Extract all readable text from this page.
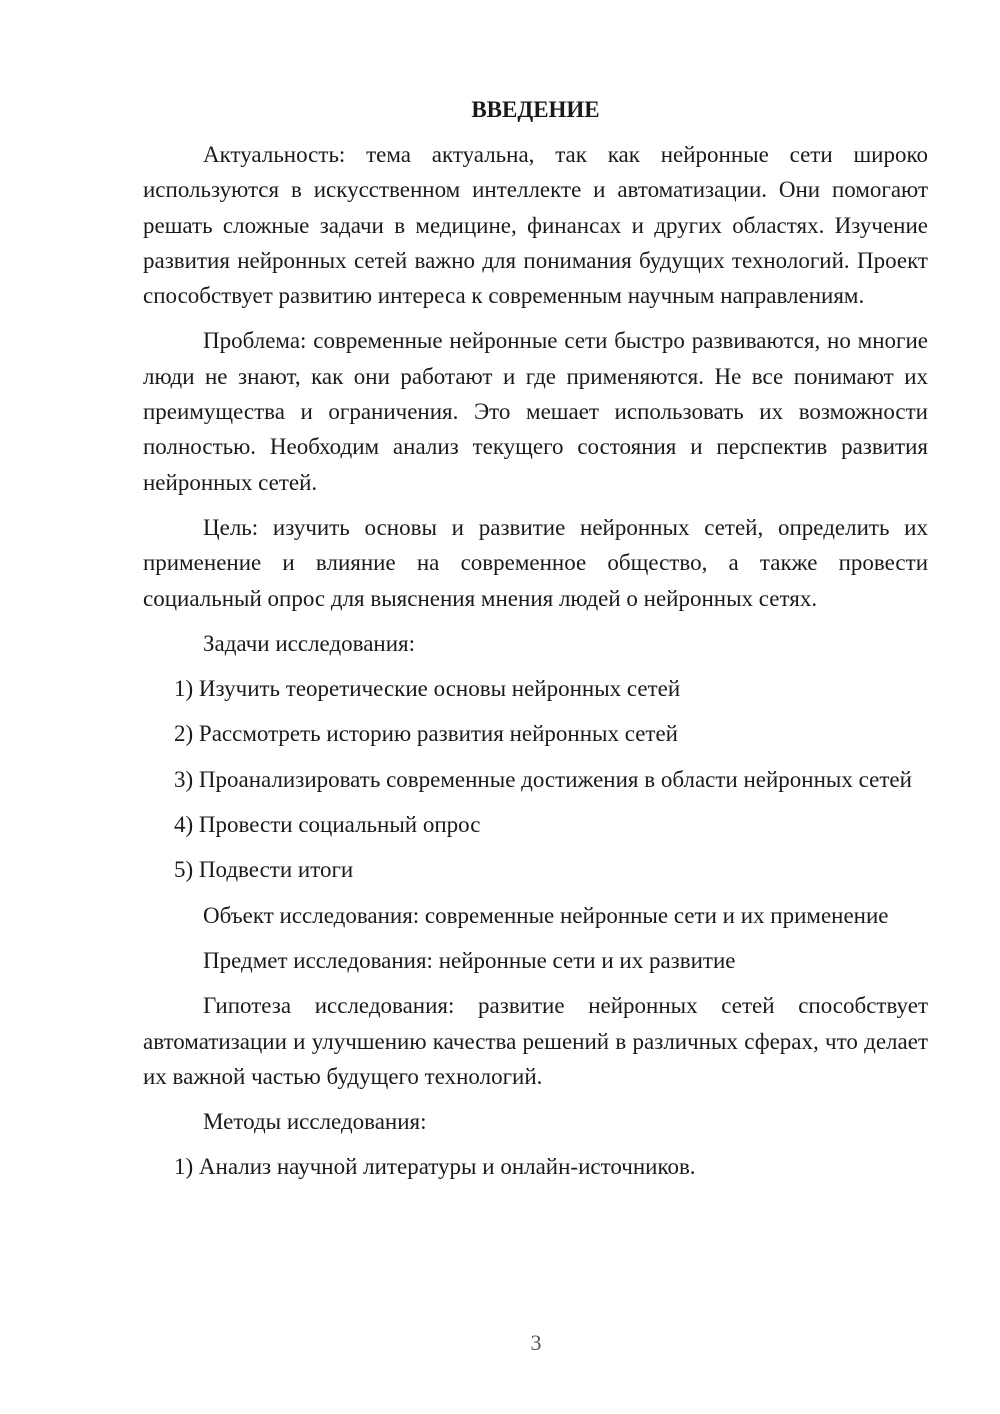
ВВЕДЕНИЕ

Актуальность: тема актуальна, так как нейронные сети широко используются в искусственном интеллекте и автоматизации. Они помогают решать сложные задачи в медицине, финансах и других областях. Изучение развития нейронных сетей важно для понимания будущих технологий. Проект способствует развитию интереса к современным научным направлениям.

Проблема: современные нейронные сети быстро развиваются, но многие люди не знают, как они работают и где применяются. Не все понимают их преимущества и ограничения. Это мешает использовать их возможности полностью. Необходим анализ текущего состояния и перспектив развития нейронных сетей.

Цель: изучить основы и развитие нейронных сетей, определить их применение и влияние на современное общество, а также провести социальный опрос для выяснения мнения людей о нейронных сетях.

Задачи исследования:

1) Изучить теоретические основы нейронных сетей

2) Рассмотреть историю развития нейронных сетей

3) Проанализировать современные достижения в области нейронных сетей

4) Провести социальный опрос

5) Подвести итоги

Объект исследования: современные нейронные сети и их применение

Предмет исследования: нейронные сети и их развитие

Гипотеза исследования: развитие нейронных сетей способствует автоматизации и улучшению качества решений в различных сферах, что делает их важной частью будущего технологий.

Методы исследования:

1) Анализ научной литературы и онлайн-источников.

3
